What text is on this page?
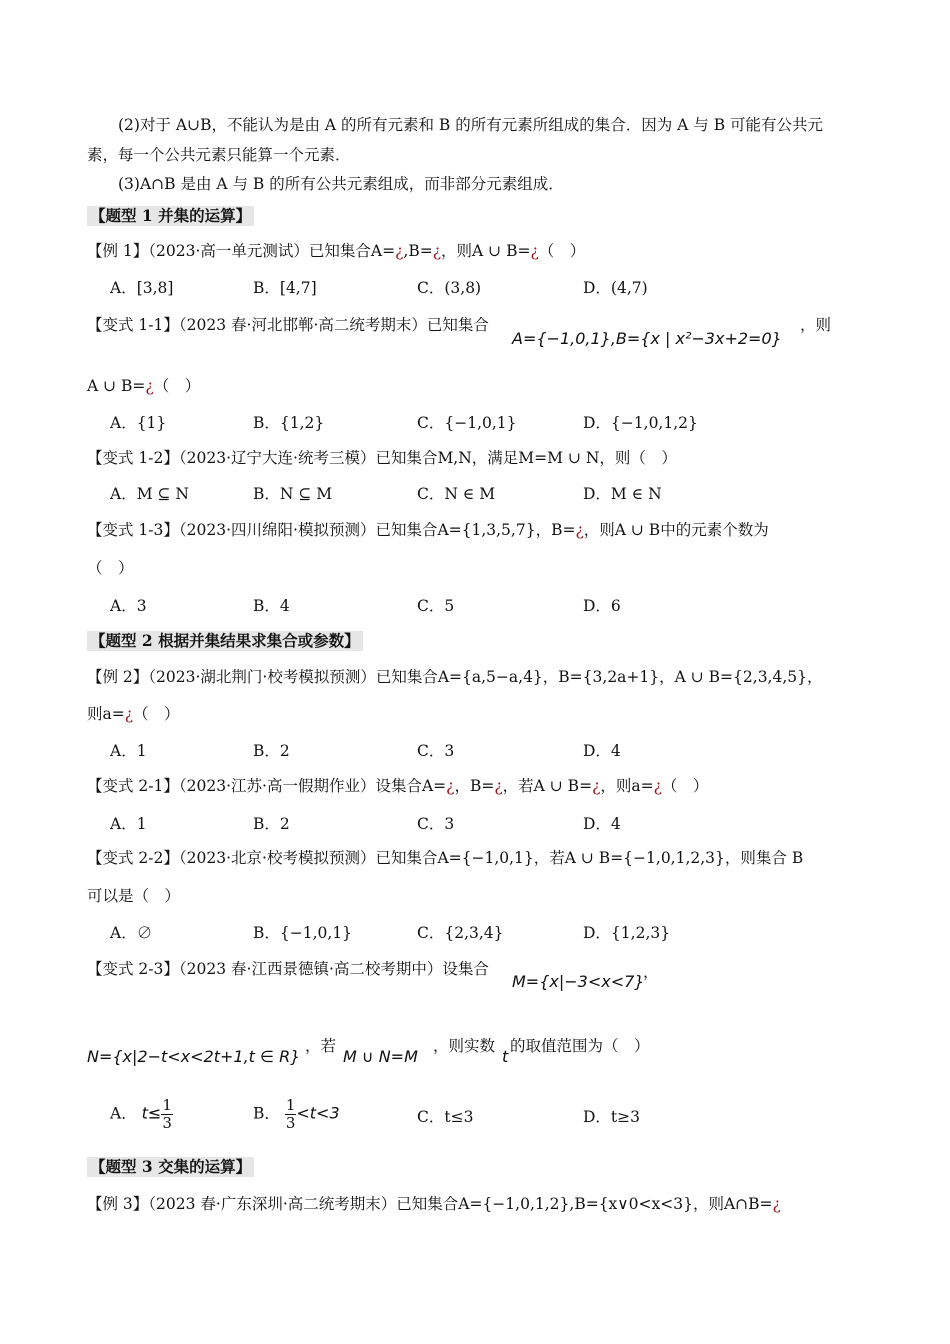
(2)对于 A∪B，不能认为是由 A 的所有元素和 B 的所有元素所组成的集合．因为 A 与 B 可能有公共元
素，每一个公共元素只能算一个元素．
(3)A∩B 是由 A 与 B 的所有公共元素组成，而非部分元素组成．
【题型 1 并集的运算】
【例 1】（2023·高一单元测试）已知集合A=¿,B=¿，则A ∪ B=¿（　）
A．[3,8]	B．[4,7]	C．(3,8)	D．(4,7)
【变式 1-1】（2023 春·河北邯郸·高二统考期末）已知集合
A={−1,0,1},B={x | x²−3x+2=0}
，则
A ∪ B=¿（　）
A．{1}	B．{1,2}	C．{−1,0,1}	D．{−1,0,1,2}
【变式 1-2】（2023·辽宁大连·统考三模）已知集合M,N，满足M=M ∪ N，则（　）
A．M ⊆ N	B．N ⊆ M	C．N ∈ M	D．M ∈ N
【变式 1-3】（2023·四川绵阳·模拟预测）已知集合A={1,3,5,7}，B=¿，则A ∪ B中的元素个数为
（　）
A．3	B．4	C．5	D．6
【题型 2 根据并集结果求集合或参数】
【例 2】（2023·湖北荆门·校考模拟预测）已知集合A={a,5−a,4}，B={3,2a+1}，A ∪ B={2,3,4,5}，
则a=¿（　）
A．1	B．2	C．3	D．4
【变式 2-1】（2023·江苏·高一假期作业）设集合A=¿，B=¿，若A ∪ B=¿，则a=¿（　）
A．1	B．2	C．3	D．4
【变式 2-2】（2023·北京·校考模拟预测）已知集合A={−1,0,1}，若A ∪ B={−1,0,1,2,3}，则集合 B
可以是（　）
A．∅	B．{−1,0,1}	C．{2,3,4}	D．{1,2,3}
【变式 2-3】（2023 春·江西景德镇·高二校考期中）设集合
M={x|−3<x<7}
，
N={x|2−t<x<2t+1,t ∈ R}
，若
M ∪ N=M
，则实数
t
的取值范围为（　）
A． $t\le \frac{1}{3}$	B． $\frac{1}{3} <t<3$	C．t≤3	D．t≥3
【题型 3 交集的运算】
【例 3】（2023 春·广东深圳·高二统考期末）已知集合A={−1,0,1,2},B={x∨0<x<3}，则A∩B=¿
